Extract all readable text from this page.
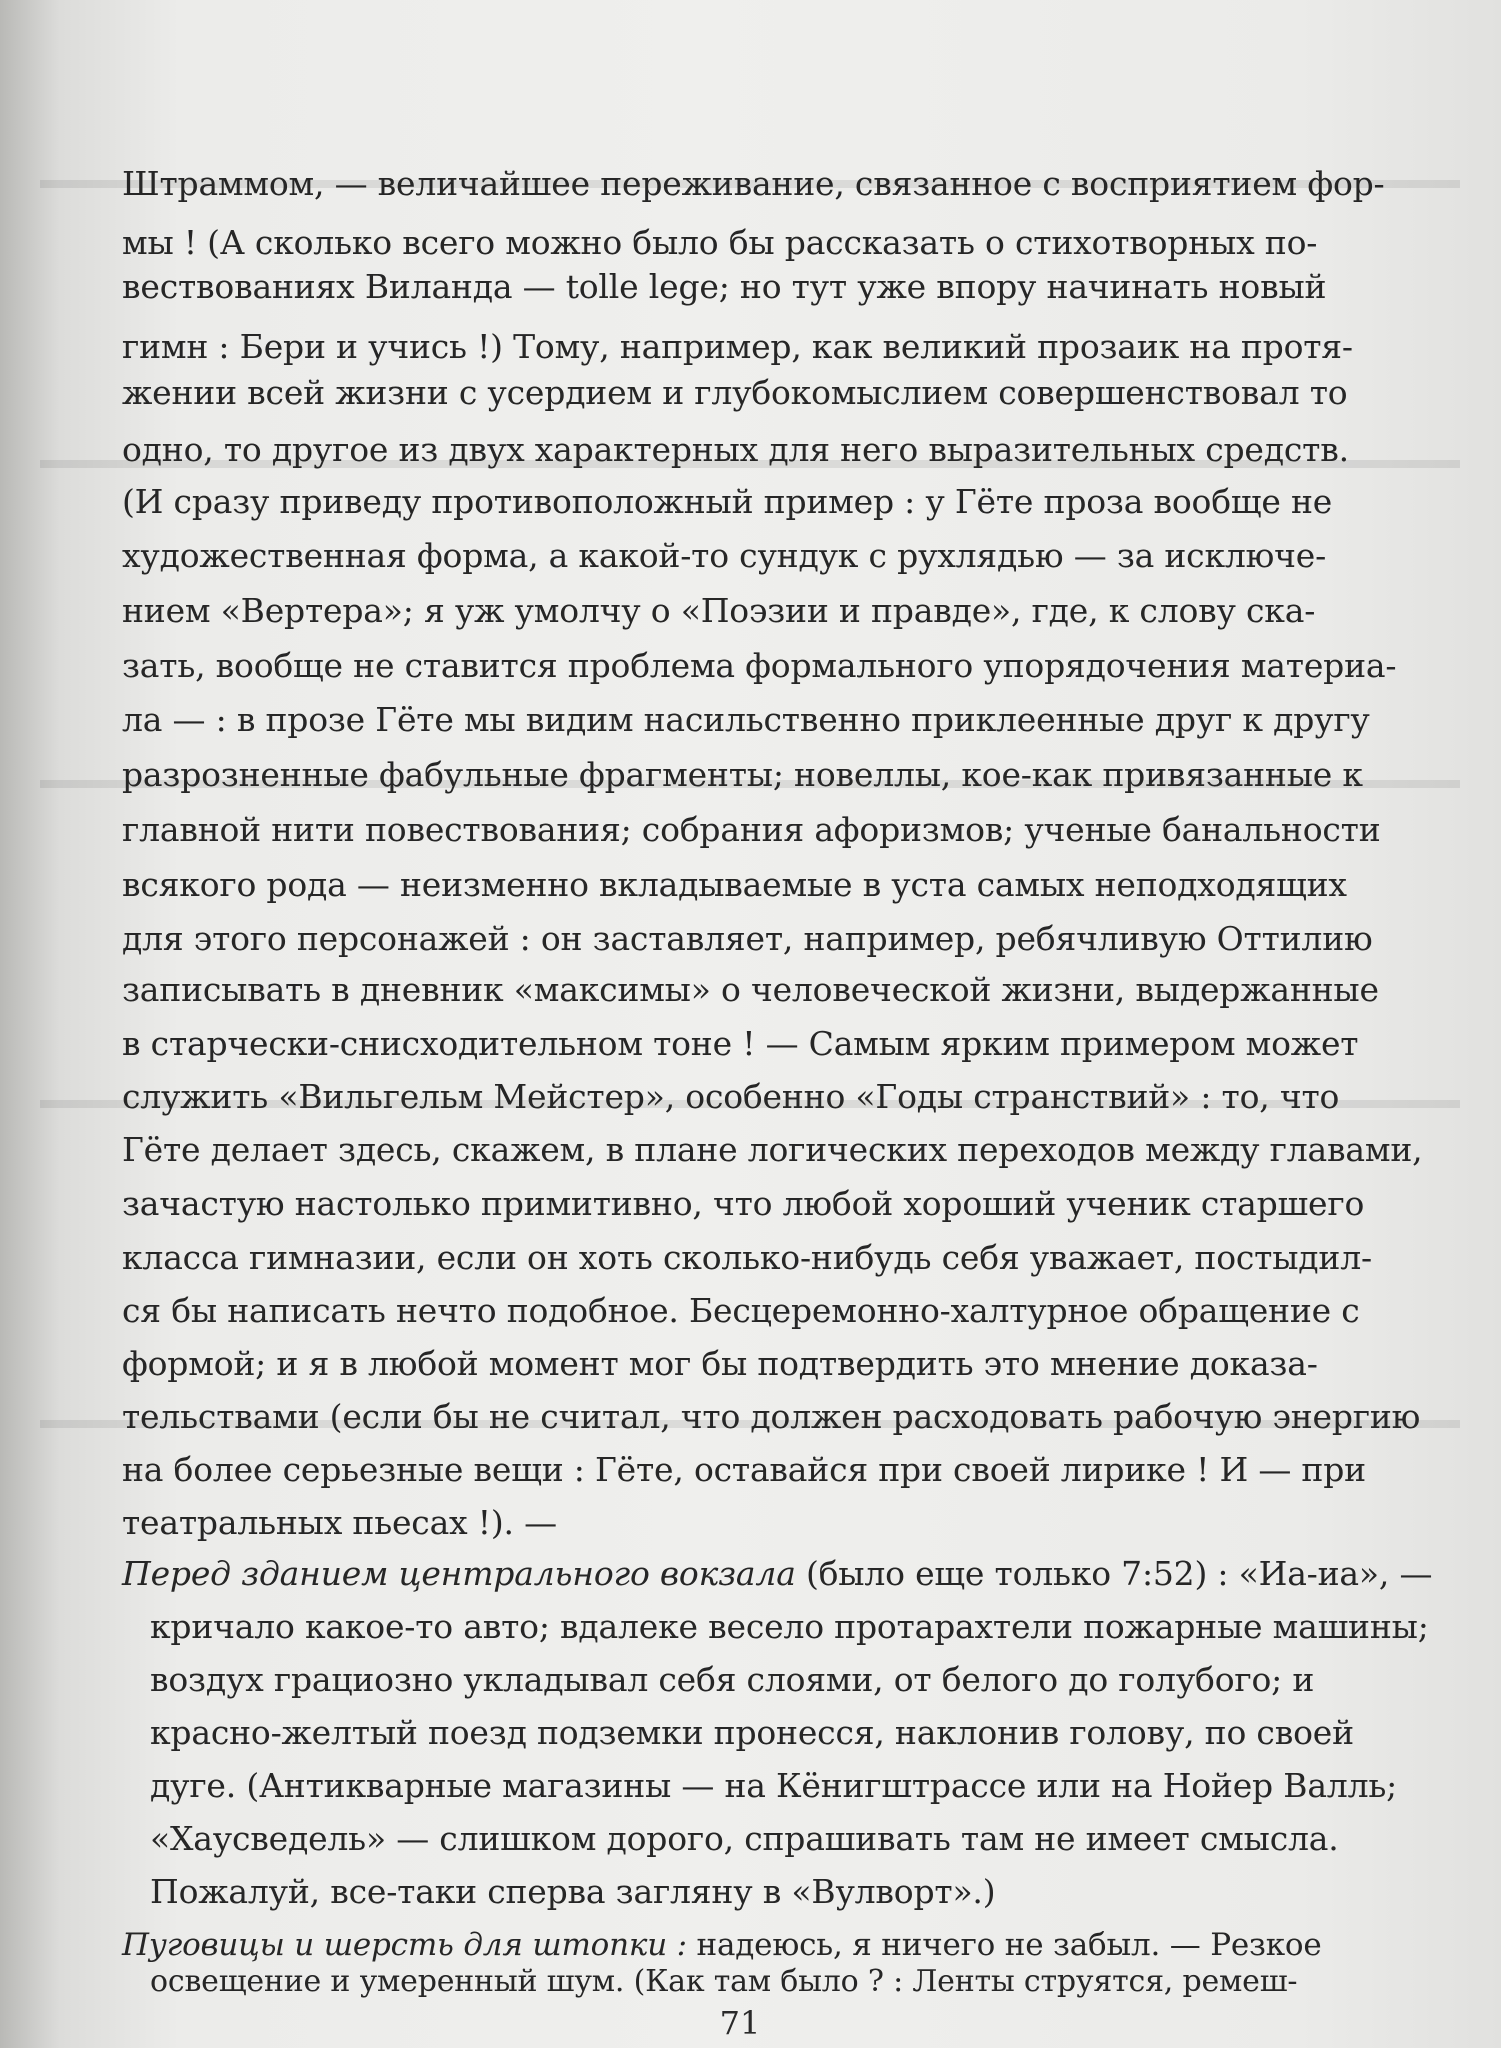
Штраммом, — величайшее переживание, связанное с восприятием фор-
мы ! (А сколько всего можно было бы рассказать о стихотворных по-
вествованиях Виланда — tolle lege; но тут уже впору начинать новый
гимн : Бери и учись !) Тому, например, как великий прозаик на протя-
жении всей жизни с усердием и глубокомыслием совершенствовал то
одно, то другое из двух характерных для него выразительных средств.
(И сразу приведу противоположный пример : у Гёте проза вообще не
художественная форма, а какой-то сундук с рухлядью — за исключе-
нием «Вертера»; я уж умолчу о «Поэзии и правде», где, к слову ска-
зать, вообще не ставится проблема формального упорядочения материа-
ла — : в прозе Гёте мы видим насильственно приклеенные друг к другу
разрозненные фабульные фрагменты; новеллы, кое-как привязанные к
главной нити повествования; собрания афоризмов; ученые банальности
всякого рода — неизменно вкладываемые в уста самых неподходящих
для этого персонажей : он заставляет, например, ребячливую Оттилию
записывать в дневник «максимы» о человеческой жизни, выдержанные
в старчески-снисходительном тоне ! — Самым ярким примером может
служить «Вильгельм Мейстер», особенно «Годы странствий» : то, что
Гёте делает здесь, скажем, в плане логических переходов между главами,
зачастую настолько примитивно, что любой хороший ученик старшего
класса гимназии, если он хоть сколько-нибудь себя уважает, постыдил-
ся бы написать нечто подобное. Бесцеремонно-халтурное обращение с
формой; и я в любой момент мог бы подтвердить это мнение доказа-
тельствами (если бы не считал, что должен расходовать рабочую энергию
на более серьезные вещи : Гёте, оставайся при своей лирике ! И — при
театральных пьесах !). —
Перед зданием центрального вокзала (было еще только 7:52) : «Иа-иа», —
кричало какое-то авто; вдалеке весело протарахтели пожарные машины;
воздух грациозно укладывал себя слоями, от белого до голубого; и
красно-желтый поезд подземки пронесся, наклонив голову, по своей
дуге. (Антикварные магазины — на Кёнигштрассе или на Нойер Валль;
«Хаусведель» — слишком дорого, спрашивать там не имеет смысла.
Пожалуй, все-таки сперва загляну в «Вулворт».)
Пуговицы и шерсть для штопки : надеюсь, я ничего не забыл. — Резкое
освещение и умеренный шум. (Как там было ? : Ленты струятся, ремеш-
71
